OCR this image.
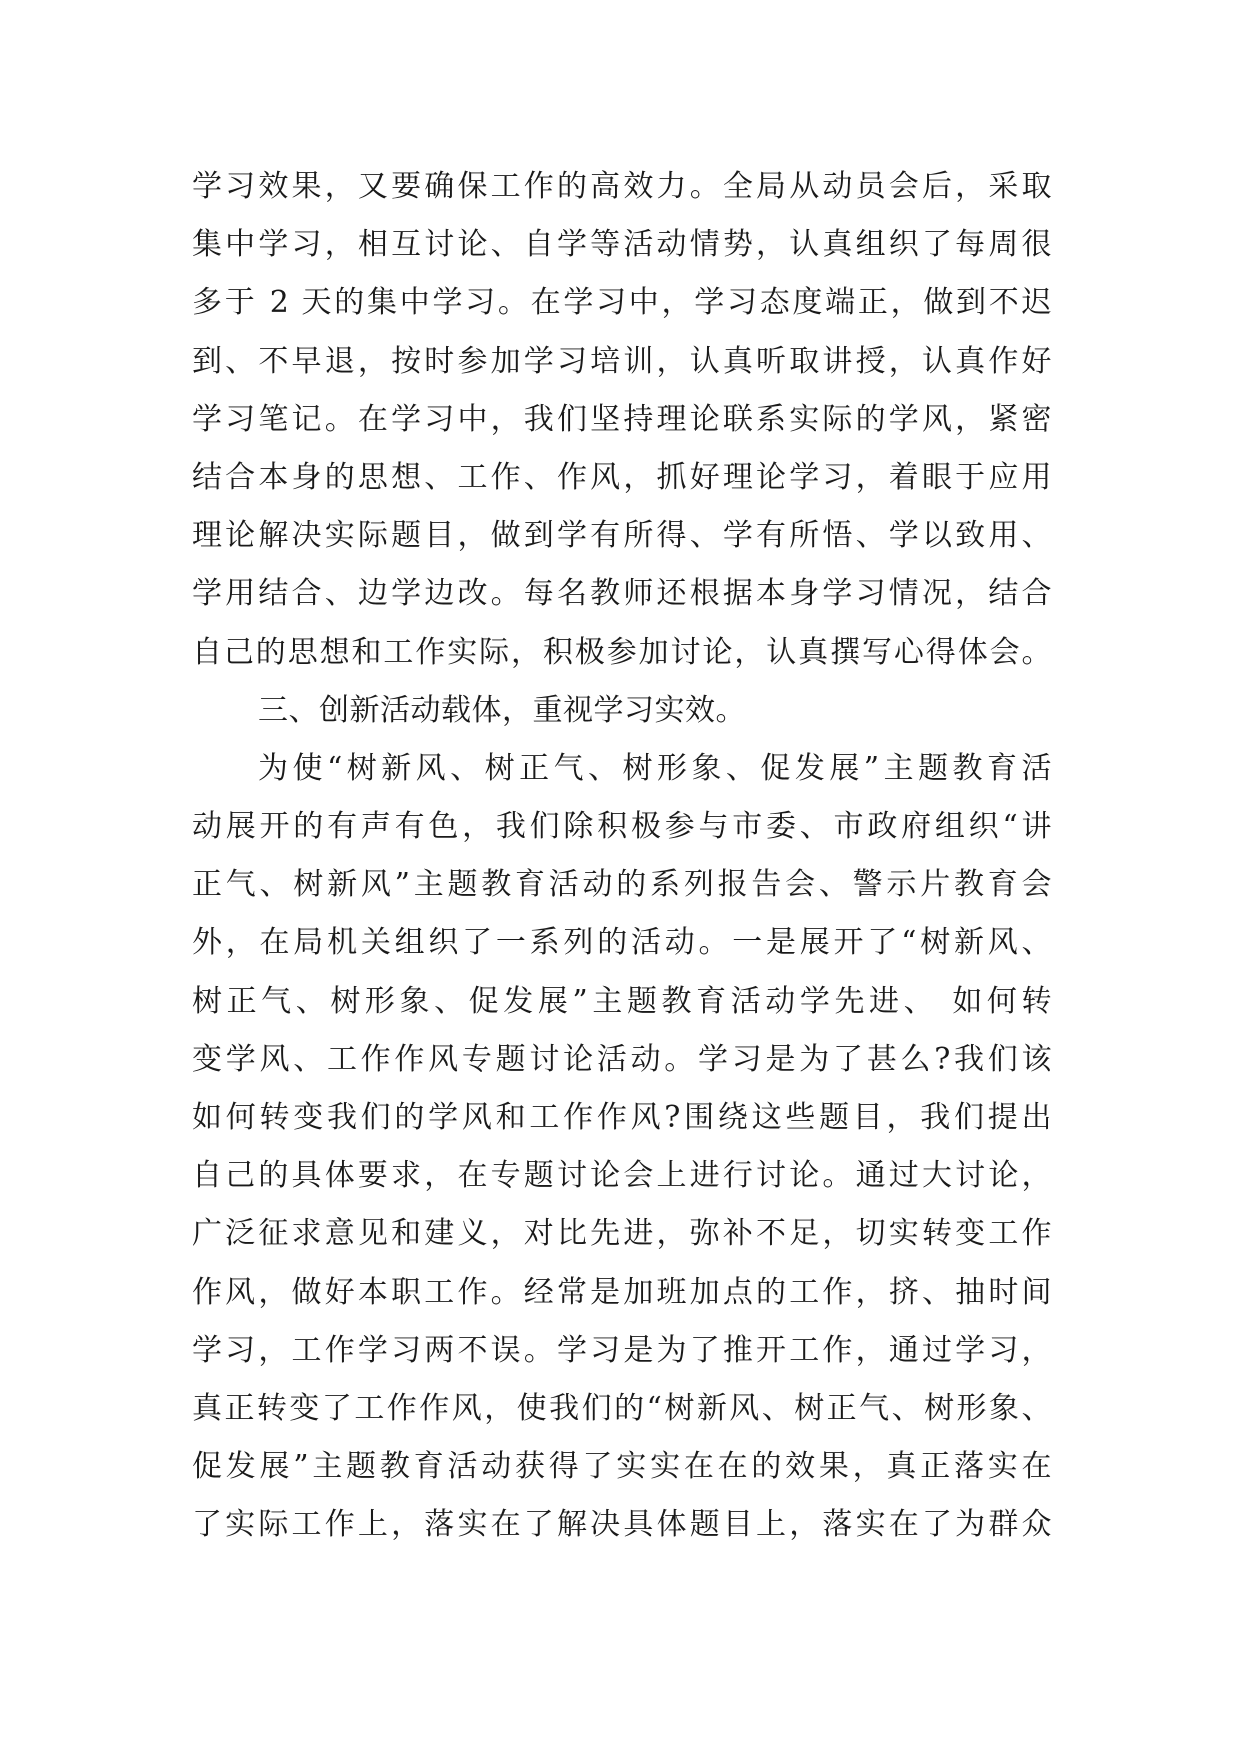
学习效果，又要确保工作的高效力。全局从动员会后，采取
集中学习，相互讨论、自学等活动情势，认真组织了每周很
多于 2 天的集中学习。在学习中，学习态度端正，做到不迟
到、不早退，按时参加学习培训，认真听取讲授，认真作好
学习笔记。在学习中，我们坚持理论联系实际的学风，紧密
结合本身的思想、工作、作风，抓好理论学习，着眼于应用
理论解决实际题目，做到学有所得、学有所悟、学以致用、
学用结合、边学边改。每名教师还根据本身学习情况，结合
自己的思想和工作实际，积极参加讨论，认真撰写心得体会。
三、创新活动载体，重视学习实效。
为使“树新风、树正气、树形象、促发展”主题教育活
动展开的有声有色，我们除积极参与市委、市政府组织“讲
正气、树新风”主题教育活动的系列报告会、警示片教育会
外，在局机关组织了一系列的活动。一是展开了“树新风、
树正气、树形象、促发展”主题教育活动学先进、 如何转
变学风、工作作风专题讨论活动。学习是为了甚么?我们该
如何转变我们的学风和工作作风?围绕这些题目，我们提出
自己的具体要求，在专题讨论会上进行讨论。通过大讨论，
广泛征求意见和建义，对比先进，弥补不足，切实转变工作
作风，做好本职工作。经常是加班加点的工作，挤、抽时间
学习，工作学习两不误。学习是为了推开工作，通过学习，
真正转变了工作作风，使我们的“树新风、树正气、树形象、
促发展”主题教育活动获得了实实在在的效果，真正落实在
了实际工作上，落实在了解决具体题目上，落实在了为群众
